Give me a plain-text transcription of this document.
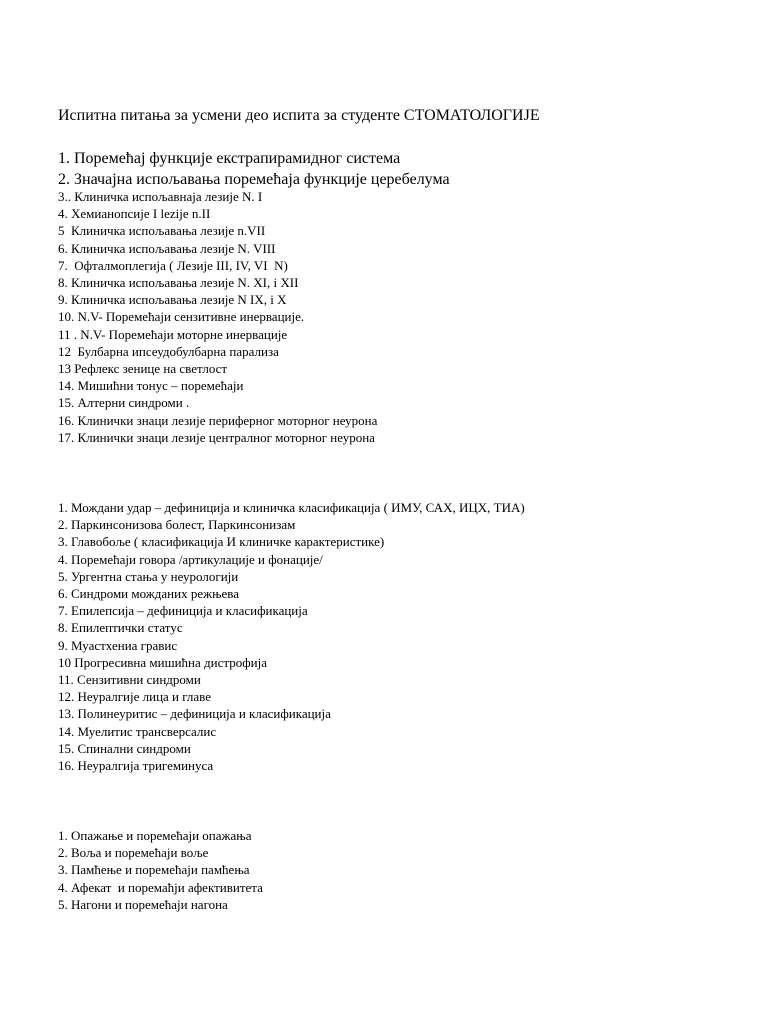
Испитна питања за усмени део испита за студенте СТОМАТОЛОГИЈЕ
1. Поремећај функције екстрапирамидног система
2. Значајна испољавања поремећаја функције церебелума
3.. Клиничка испољавнаја лезије N. I
4. Хемианопсије I lezije n.II
5  Клиничка испољавања лезије n.VII
6. Клиничка испољавања лезије N. VIII
7.  Офталмоплегија ( Лезије III, IV, VI  N)
8. Клиничка испољавања лезије N. XI, i XII
9. Клиничка испољавања лезије N IX, i X
10. N.V- Поремећаји сензитивне инервације.
11 . N.V- Поремећаји моторне инервације
12  Булбарна ипсеудобулбарна парализа
13 Рефлекс зенице на светлост
14. Мишићни тонус – поремећаји
15. Алтерни синдроми .
16. Клинички знаци лезије периферног моторног неурона
17. Клинички знаци лезије централног моторног неурона
1. Мождани удар – дефиниција и клиничка класификација ( ИМУ, САХ, ИЦХ, ТИА)
2. Паркинсонизова болест, Паркинсонизам
3. Главобоље ( класификација И клиничке карактеристике)
4. Поремећаји говора /артикулације и фонације/
5. Ургентна стања у неурологији
6. Синдроми можданих режњева
7. Епилепсија – дефиниција и класификација
8. Епилептички статус
9. Муастхениа гравис
10 Прогресивна мишићна дистрофија
11. Сензитивни синдроми
12. Неуралгије лица и главе
13. Полинеуритис – дефиниција и класификација
14. Муелитис трансверсалис
15. Спинални синдроми
16. Неуралгија тригеминуса
1. Опажање и поремећаји опажања
2. Воља и поремећаји воље
3. Памћење и поремећаји памћења
4. Афекат  и поремаћји афективитета
5. Нагони и поремећаји нагона
